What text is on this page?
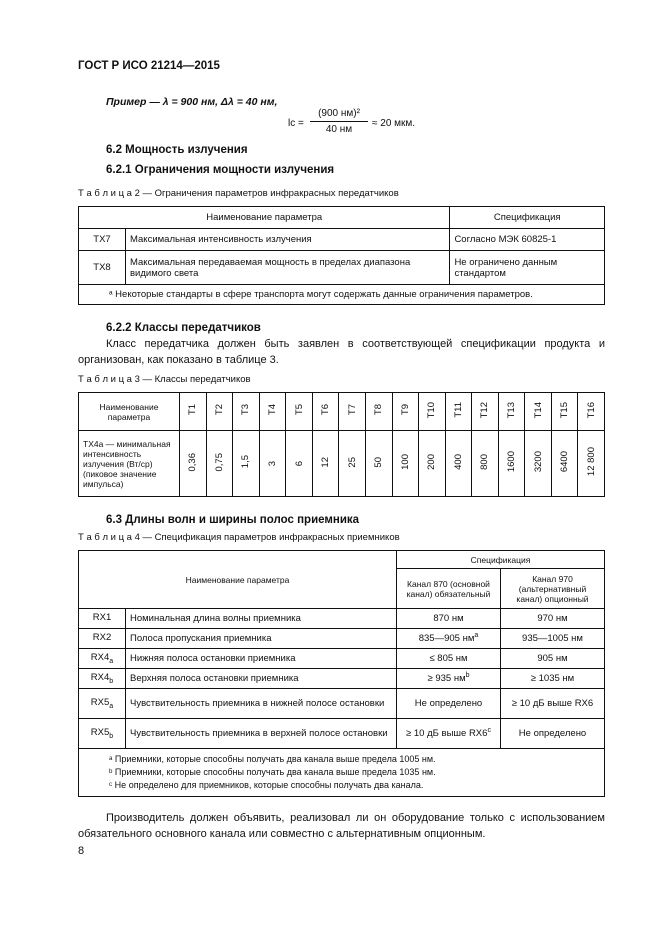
ГОСТ Р ИСО 21214—2015
Пример — λ = 900 нм, Δλ = 40 нм,
lc =
(900 нм)²
40 нм
≈ 20 мкм.
6.2 Мощность излучения
6.2.1 Ограничения мощности излучения
Т а б л и ц а 2 — Ограничения параметров инфракрасных передатчиков
Наименование параметра		Спецификация
TX7	Максимальная интенсивность излучения	Согласно МЭК 60825-1
TX8	Максимальная передаваемая мощность в пределах диапазона видимого света	Не ограничено данным стандартом
ᵃ Некоторые стандарты в сфере транспорта могут содержать данные ограничения параметров.		
6.2.2 Классы передатчиков
Класс передатчика должен быть заявлен в соответствующей спецификации продукта и организован, как показано в таблице 3.
Т а б л и ц а 3 — Классы передатчиков
Наименование параметра	T1	T2	T3	T4	T5	T6	T7	T8	T9	T10	T11	T12	T13	T14	T15	T16
TX4a — минимальная интенсивность излучения (Вт/ср) (пиковое значение импульса)	0,36	0,75	1,5	3	6	12	25	50	100	200	400	800	1600	3200	6400	12 800
6.3 Длины волн и ширины полос приемника
Т а б л и ц а 4 — Спецификация параметров инфракрасных приемников
Наименование параметра		Спецификация	
		Канал 870 (основной канал) обязательный	Канал 970 (альтернативный канал) опционный
RX1	Номинальная длина волны приемника	870 нм	970 нм
RX2	Полоса пропускания приемника	835—905 $нм^a$	935—1005 нм
$RX4_a$	Нижняя полоса остановки приемника	≤ 805 нм	905 нм
$RX4_b$	Верхняя полоса остановки приемника	≥ 935 $нм^b$	≥ 1035 нм
$RX5_a$	Чувствительность приемника в нижней полосе остановки	Не определено	≥ 10 дБ выше RX6
$RX5_b$	Чувствительность приемника в верхней полосе остановки	≥ 10 дБ выше RX6$^c$	Не определено

ᵃ Приемники, которые способны получать два канала выше предела 1005 нм.
ᵇ Приемники, которые способны получать два канала выше предела 1035 нм.
ᶜ Не определено для приемников, которые способны получать два канала.			
Производитель должен объявить, реализовал ли он оборудование только с использованием обязательного основного канала или совместно с альтернативным опционным.
8
